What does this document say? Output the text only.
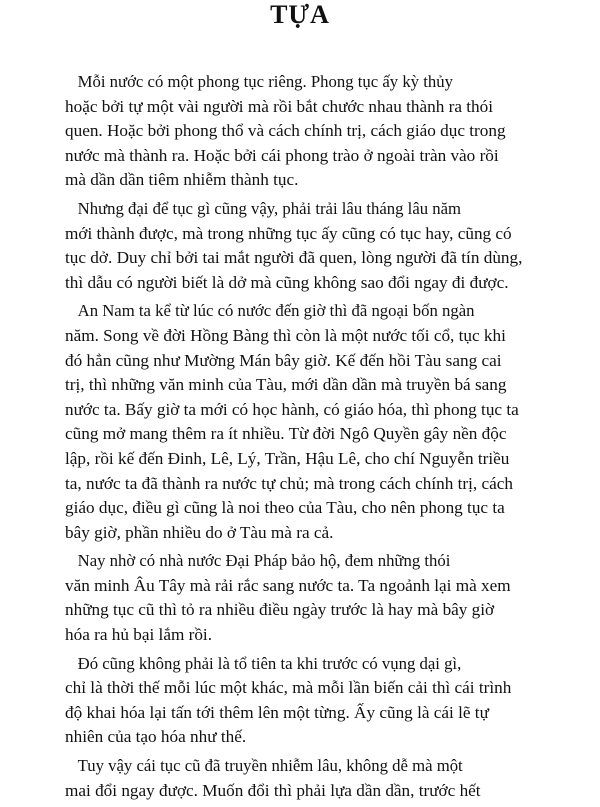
TỰA
Mỗi nước có một phong tục riêng. Phong tục ấy kỳ thủy
hoặc bởi tự một vài người mà rồi bắt chước nhau thành ra thói
quen. Hoặc bởi phong thổ và cách chính trị, cách giáo dục trong
nước mà thành ra. Hoặc bởi cái phong trào ở ngoài tràn vào rồi
mà dần dần tiêm nhiễm thành tục.
Nhưng đại để tục gì cũng vậy, phải trải lâu tháng lâu năm
mới thành được, mà trong những tục ấy cũng có tục hay, cũng có
tục dở. Duy chỉ bởi tai mắt người đã quen, lòng người đã tín dùng,
thì dẫu có người biết là dở mà cũng không sao đổi ngay đi được.
An Nam ta kể từ lúc có nước đến giờ thì đã ngoại bốn ngàn
năm. Song về đời Hồng Bàng thì còn là một nước tối cổ, tục khi
đó hẳn cũng như Mường Mán bây giờ. Kế đến hồi Tàu sang cai
trị, thì những văn minh của Tàu, mới dần dần mà truyền bá sang
nước ta. Bấy giờ ta mới có học hành, có giáo hóa, thì phong tục ta
cũng mở mang thêm ra ít nhiều. Từ đời Ngô Quyền gây nền độc
lập, rồi kế đến Đinh, Lê, Lý, Trần, Hậu Lê, cho chí Nguyễn triều
ta, nước ta đã thành ra nước tự chủ; mà trong cách chính trị, cách
giáo dục, điều gì cũng là noi theo của Tàu, cho nên phong tục ta
bây giờ, phần nhiều do ở Tàu mà ra cả.
Nay nhờ có nhà nước Đại Pháp bảo hộ, đem những thói
văn minh Âu Tây mà rải rắc sang nước ta. Ta ngoảnh lại mà xem
những tục cũ thì tỏ ra nhiều điều ngày trước là hay mà bây giờ
hóa ra hủ bại lắm rồi.
Đó cũng không phải là tổ tiên ta khi trước có vụng dại gì,
chỉ là thời thế mỗi lúc một khác, mà mỗi lần biến cải thì cái trình
độ khai hóa lại tấn tới thêm lên một từng. Ấy cũng là cái lẽ tự
nhiên của tạo hóa như thế.
Tuy vậy cái tục cũ đã truyền nhiễm lâu, không dễ mà một
mai đổi ngay được. Muốn đổi thì phải lựa dần dần, trước hết
